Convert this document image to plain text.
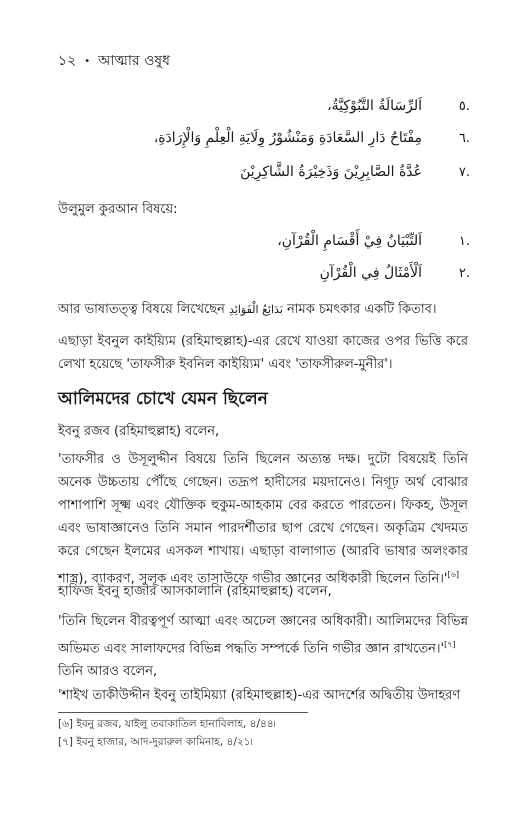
১২ • আত্মার ওষুধ
٥.
اَلرِّسَالَةُ التَّبُوْكِيَّةُ،
٦.
مِفْتَاحُ دَارِ السَّعَادَةِ وَمَنْشُوْرُ وِلَايَةِ الْعِلْمِ وَالْإِرَادَةِ،
٧.
عُدَّةُ الصَّابِرِيْنَ وَذَخِيْرَةُ الشَّاكِرِيْنَ
উলুমুল কুরআন বিষয়ে:
١.
اَلتِّبْيَانُ فِيْ أَقْسَامِ الْقُرْآنِ،
٢.
اَلْأَمْثَالُ فِي الْقُرْآنِ
আর ভাষাতত্ত্ব বিষয়ে লিখেছেন بَدَائِعُ الْفَوَائِدِ নামক চমৎকার একটি কিতাব।
এছাড়া ইবনুল কাইয়্যিম (রহিমাহুল্লাহ)-এর রেখে যাওয়া কাজের ওপর ভিত্তি করে লেখা হয়েছে 'তাফসীরু ইবনিল কাইয়্যিম' এবং 'তাফসীরুল-মুনীর'।
আলিমদের চোখে যেমন ছিলেন
ইবনু রজব (রহিমাহুল্লাহ) বলেন,
'তাফসীর ও উসূলুদ্দীন বিষয়ে তিনি ছিলেন অত্যন্ত দক্ষ। দুটো বিষয়েই তিনি অনেক উচ্চতায় পৌঁছে গেছেন। তদ্রূপ হাদীসের ময়দানেও। নিগূঢ় অর্থ বোঝার পাশাপাশি সূক্ষ্ম এবং যৌক্তিক হুকুম-আহকাম বের করতে পারতেন। ফিকহ, উসূল এবং ভাষাজ্ঞানেও তিনি সমান পারদর্শীতার ছাপ রেখে গেছেন। অকৃত্রিম খেদমত করে গেছেন ইলমের এসকল শাখায়। এছাড়া বালাগাত (আরবি ভাষার অলংকার শাস্ত্র), ব্যাকরণ, সুলূক এবং তাসাউফে গভীর জ্ঞানের অধিকারী ছিলেন তিনি।'[৬]
হাফিজ ইবনু হাজার আসকালানি (রহিমাহুল্লাহ) বলেন,
'তিনি ছিলেন বীরত্বপূর্ণ আত্মা এবং অঢেল জ্ঞানের অধিকারী। আলিমদের বিভিন্ন অভিমত এবং সালাফদের বিভিন্ন পদ্ধতি সম্পর্কে তিনি গভীর জ্ঞান রাখতেন।'[৭]
তিনি আরও বলেন,
'শাইখ তাকীউদ্দীন ইবনু তাইমিয়্যা (রহিমাহুল্লাহ)-এর আদর্শের অদ্বিতীয় উদাহরণ
[৬] ইবনু রজব, যাইলু তবাকাতিল হানাবিলাহ, ৪/৪৪৷
[৭] ইবনু হাজার, আদ-দুরারুল কামিনাহ, ৪/২১৷
